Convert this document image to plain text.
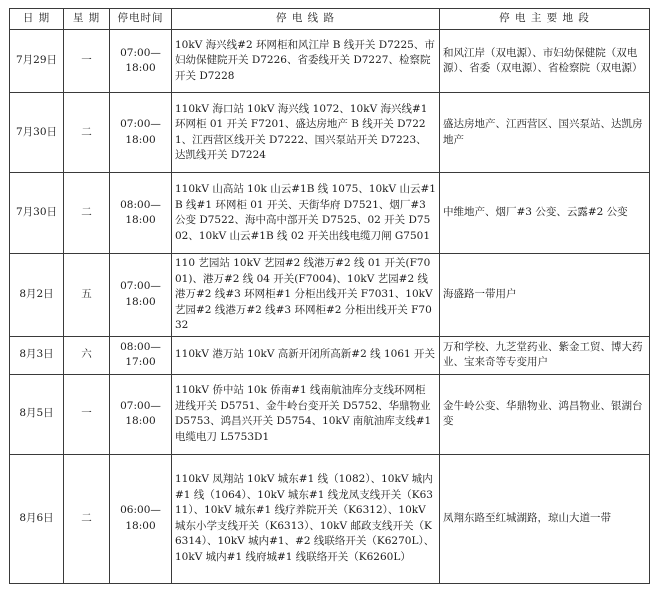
日 期	星 期	停电时间	停 电 线 路	停 电 主 要 地 段
7月29日	一	07:00—18:00	10kV 海兴线#2 环网柜和风江岸 B 线开关 D7225、市妇幼保健院开关 D7226、省委线开关 D7227、检察院开关 D7228	和风江岸（双电源）、市妇幼保健院（双电源）、省委（双电源）、省检察院（双电源）
7月30日	二	07:00—18:00	110kV 海口站 10kV 海兴线 1072、10kV 海兴线#1 环网柜 01 开关 F7201、盛达房地产 B 线开关 D7221、江西营区线开关 D7222、国兴泵站开关 D7223、达凯线开关 D7224	盛达房地产、江西营区、国兴泵站、达凯房地产
7月30日	二	08:00—18:00	110kV 山高站 10k 山云#1B 线 1075、10kV 山云#1B 线#1 环网柜 01 开关、天街华府 D7521、烟厂#3 公变 D7522、海中高中部开关 D7525、02 开关 D7502、10kV 山云#1B 线 02 开关出线电缆刀闸 G7501	中维地产、烟厂#3 公变、云露#2 公变
8月2日	五	07:00—18:00	110 艺园站 10kV 艺园#2 线港万#2 线 01 开关(F7001)、港万#2 线 04 开关(F7004)、10kV 艺园#2 线港万#2 线#3 环网柜#1 分柜出线开关 F7031、10kV 艺园#2 线港万#2 线#3 环网柜#2 分柜出线开关 F7032	海盛路一带用户
8月3日	六	08:00—17:00	110kV 港万站 10kV 高新开闭所高新#2 线 1061 开关	万和学校、九芝堂药业、紫金工贸、博大药业、宝来奇等专变用户
8月5日	一	07:00—18:00	110kV 侨中站 10k 侨南#1 线南航油库分支线环网柜进线开关 D5751、金牛岭台变开关 D5752、华鼎物业 D5753、鸿昌兴开关 D5754、10kV 南航油库支线#1 电缆电刀 L5753D1	金牛岭公变、华鼎物业、鸿昌物业、银湖台变
8月6日	二	06:00—18:00	110kV 凤翔站 10kV 城东#1 线（1082）、10kV 城内#1 线（1064）、10kV 城东#1 线龙凤支线开关（K6311）、10kV 城东#1 线疗养院开关（K6312）、10kV 城东小学支线开关（K6313）、10kV 邮政支线开关（K6314）、10kV 城内#1、#2 线联络开关（K6270L）、10kV 城内#1 线府城#1 线联络开关（K6260L）	凤翔东路至红城湖路，琼山大道一带
